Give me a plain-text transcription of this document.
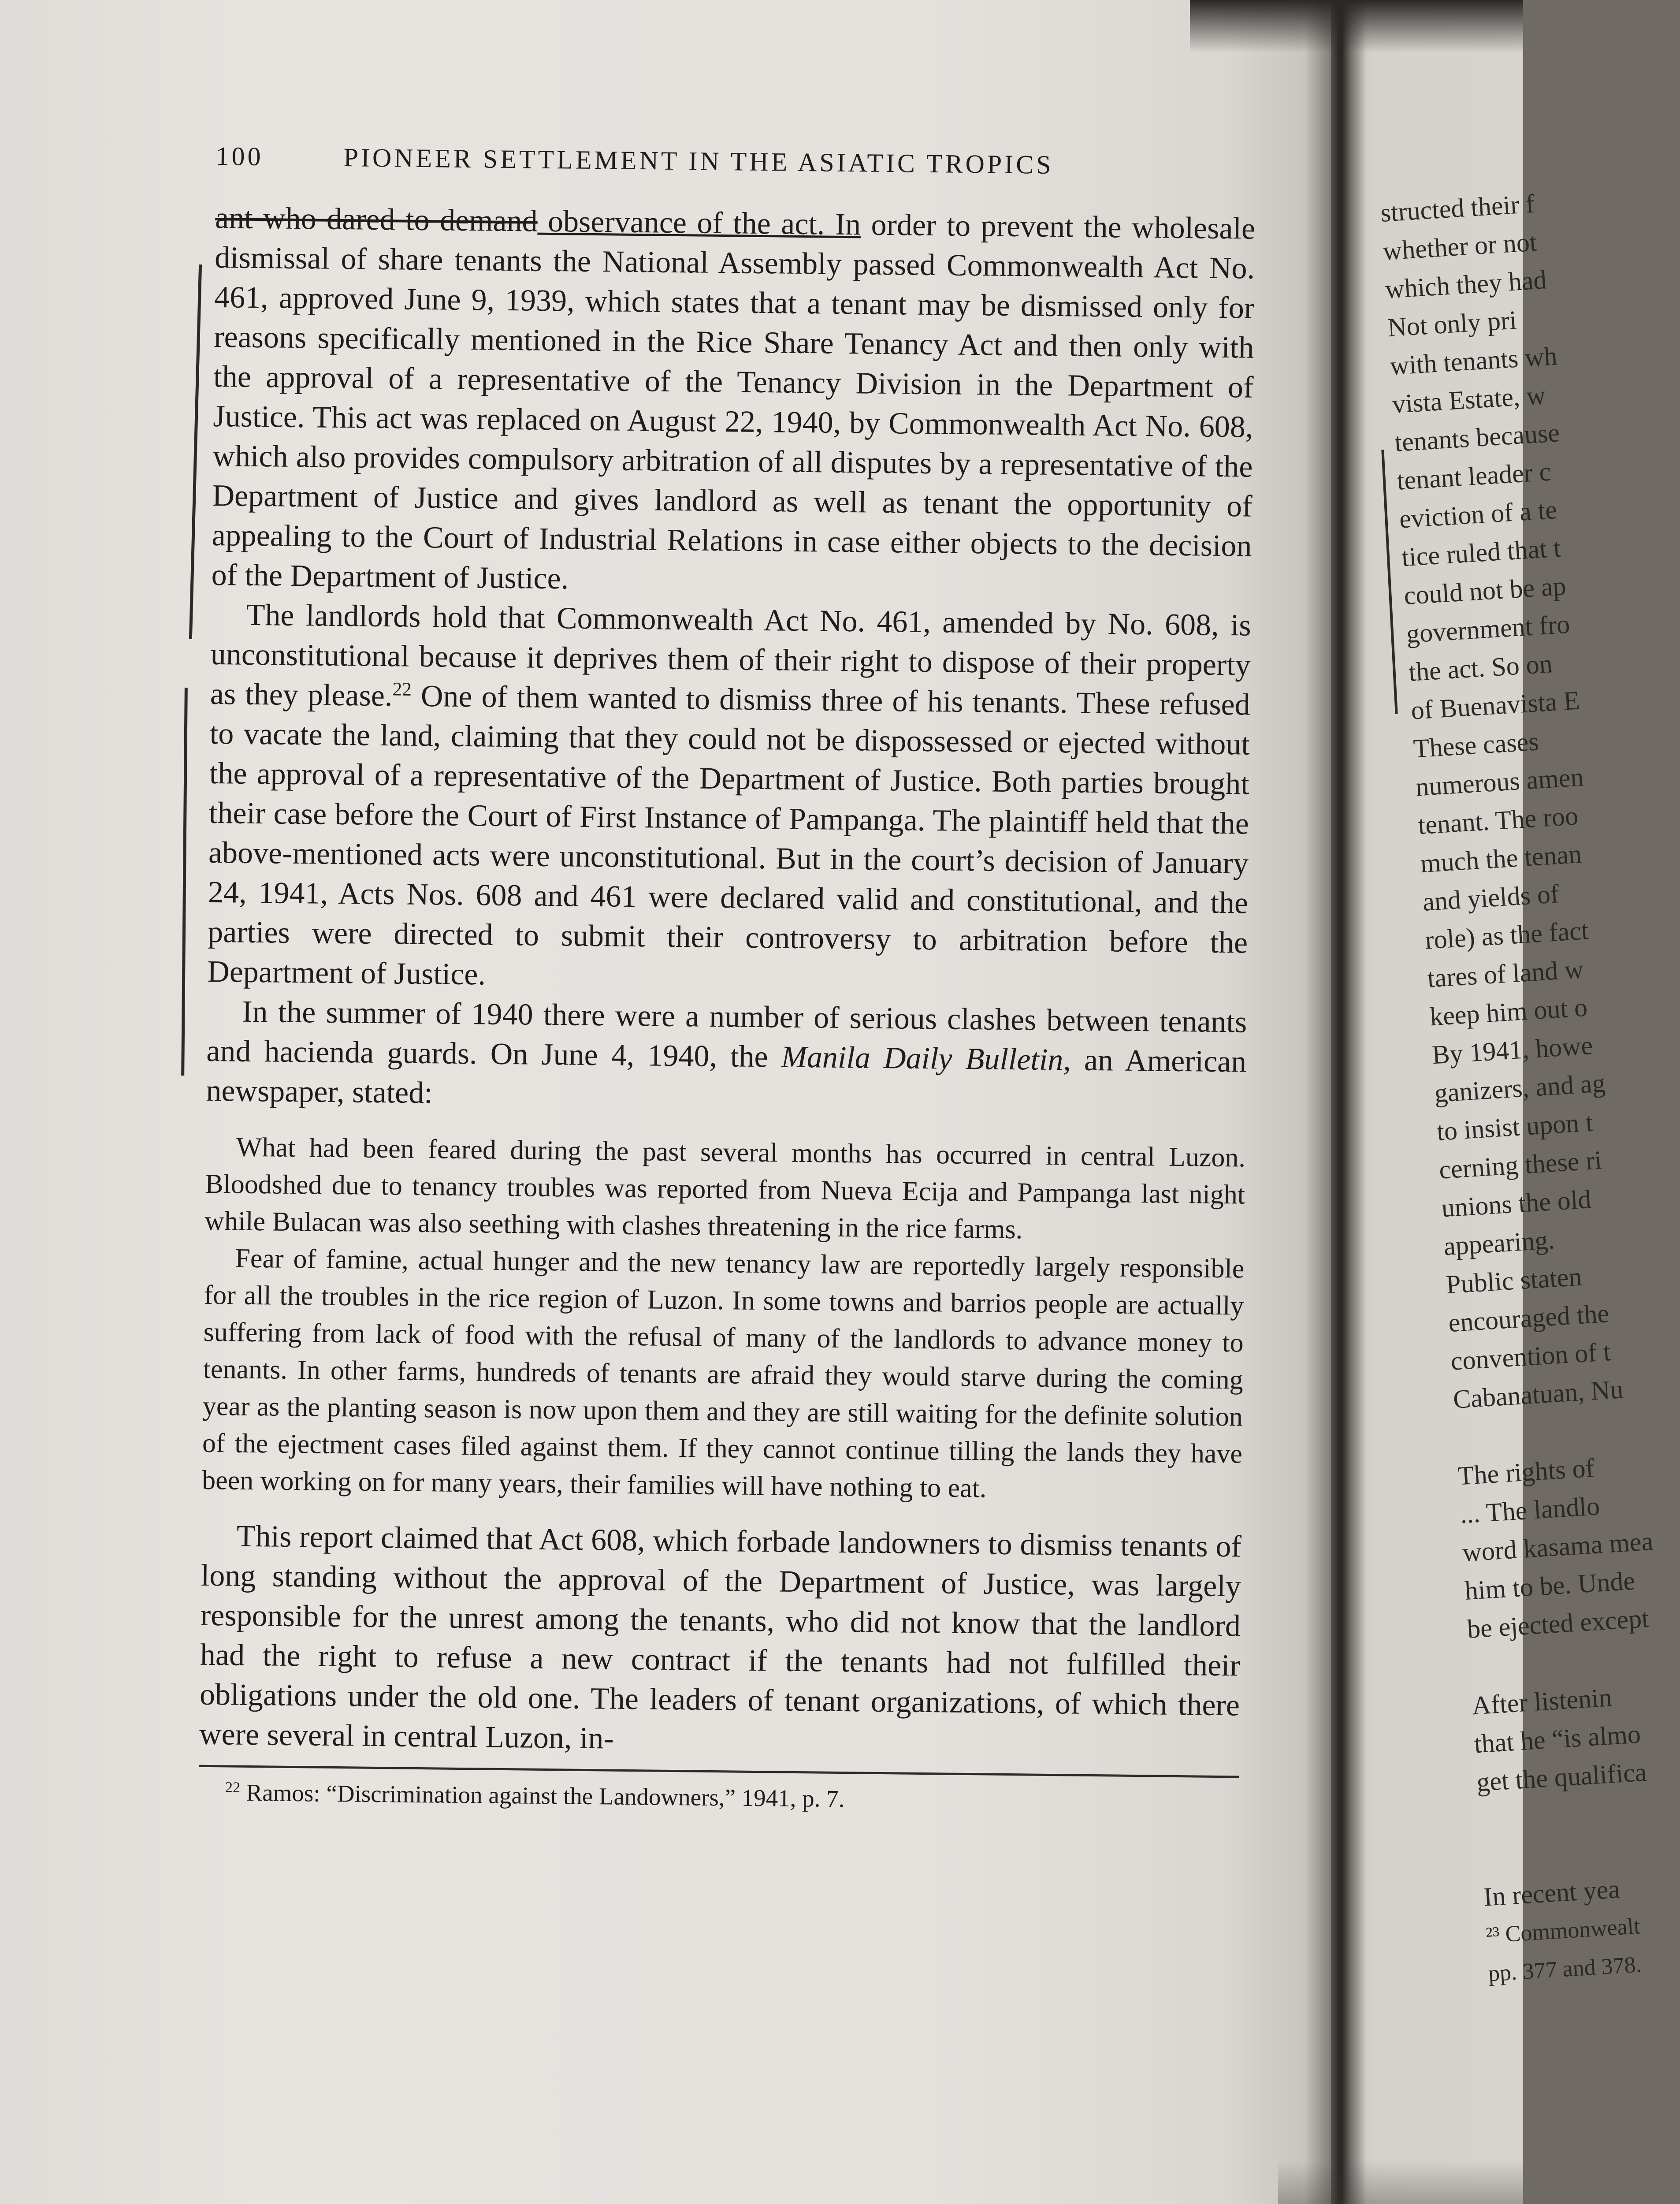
100	PIONEER SETTLEMENT IN THE ASIATIC TROPICS

ant who dared to demand observance of the act. In order to prevent the wholesale dismissal of share tenants the National Assembly passed Commonwealth Act No. 461, approved June 9, 1939, which states that a tenant may be dismissed only for reasons specifically mentioned in the Rice Share Tenancy Act and then only with the approval of a representative of the Tenancy Division in the Department of Justice. This act was replaced on August 22, 1940, by Commonwealth Act No. 608, which also provides compulsory arbitration of all disputes by a representative of the Department of Justice and gives landlord as well as tenant the opportunity of appealing to the Court of Industrial Relations in case either objects to the decision of the Department of Justice.

The landlords hold that Commonwealth Act No. 461, amended by No. 608, is unconstitutional because it deprives them of their right to dispose of their property as they please.$^{22}$ One of them wanted to dismiss three of his tenants. These refused to vacate the land, claiming that they could not be dispossessed or ejected without the approval of a representative of the Department of Justice. Both parties brought their case before the Court of First Instance of Pampanga. The plaintiff held that the above-mentioned acts were unconstitutional. But in the court’s decision of January 24, 1941, Acts Nos. 608 and 461 were declared valid and constitutional, and the parties were directed to submit their controversy to arbitration before the Department of Justice.

In the summer of 1940 there were a number of serious clashes between tenants and hacienda guards. On June 4, 1940, the Manila Daily Bulletin, an American newspaper, stated:

What had been feared during the past several months has occurred in central Luzon. Bloodshed due to tenancy troubles was reported from Nueva Ecija and Pampanga last night while Bulacan was also seething with clashes threatening in the rice farms.

Fear of famine, actual hunger and the new tenancy law are reportedly largely responsible for all the troubles in the rice region of Luzon. In some towns and barrios people are actually suffering from lack of food with the refusal of many of the landlords to advance money to tenants. In other farms, hundreds of tenants are afraid they would starve during the coming year as the planting season is now upon them and they are still waiting for the definite solution of the ejectment cases filed against them. If they cannot continue tilling the lands they have been working on for many years, their families will have nothing to eat.

This report claimed that Act 608, which forbade landowners to dismiss tenants of long standing without the approval of the Department of Justice, was largely responsible for the unrest among the tenants, who did not know that the landlord had the right to refuse a new contract if the tenants had not fulfilled their obligations under the old one. The leaders of tenant organizations, of which there were several in central Luzon, in-

$^{22}$ Ramos: “Discrimination against the Landowners,” 1941, p. 7.
structed their f
whether or not
which they had
Not only pri
with tenants wh
vista Estate, w
tenants because
tenant leader c
eviction of a te
tice ruled that t
could not be ap
government fro
the act. So on
of Buenavista E
These cases
numerous amen
tenant. The roo
much the tenan
and yields of
role) as the fact
tares of land w
keep him out o
By 1941, howe
ganizers, and ag
to insist upon t
cerning these ri
unions the old
appearing.
Public staten
encouraged the
convention of t
Cabanatuan, Nu
The rights of
... The landlo
word kasama mea
him to be. Unde
be ejected except
After listenin
that he “is almo
get the qualifica
In recent yea
²³ Commonwealt
pp. 377 and 378.
